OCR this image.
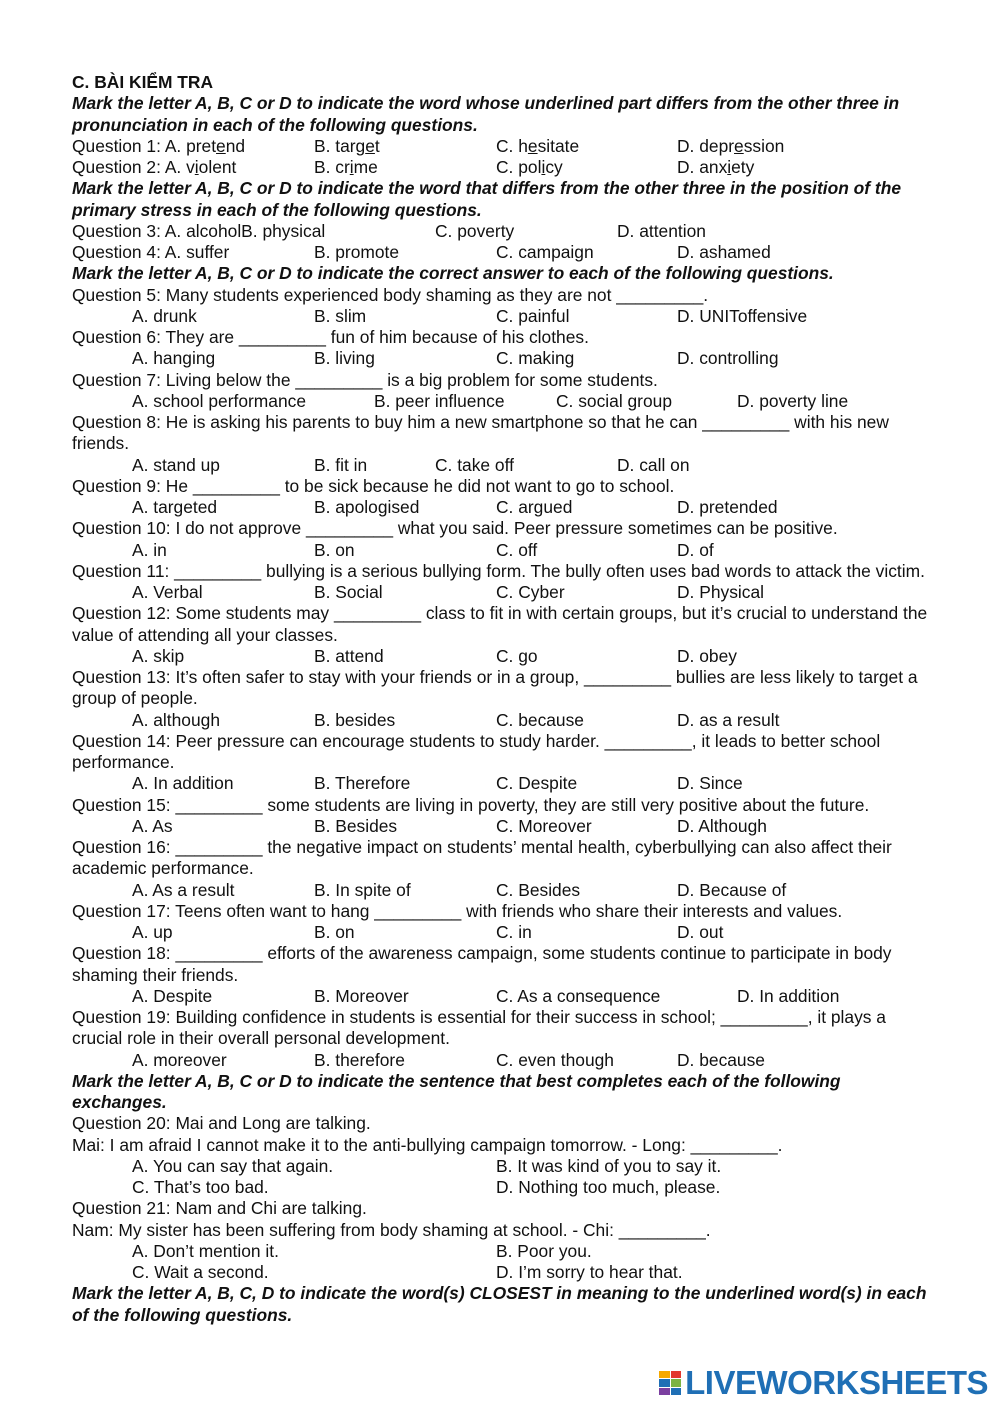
C. BÀI KIỂM TRA
Mark the letter A, B, C or D to indicate the word whose underlined part differs from the other three in pronunciation in each of the following questions.
Question 1: A. pretend	B. target	C. hesitate	D. depression
Question 2: A. violent	B. crime	C. policy	D. anxiety
Mark the letter A, B, C or D to indicate the word that differs from the other three in the position of the primary stress in each of the following questions.
Question 3: A. alcoholB. physical	C. poverty	D. attention
Question 4: A. suffer	B. promote	C. campaign	D. ashamed
Mark the letter A, B, C or D to indicate the correct answer to each of the following questions.
Question 5: Many students experienced body shaming as they are not _________.
A. drunk	B. slim	C. painful	D. UNIToffensive
Question 6: They are _________ fun of him because of his clothes.
A. hanging	B. living	C. making	D. controlling
Question 7: Living below the _________ is a big problem for some students.
A. school performance	B. peer influence	C. social group	D. poverty line
Question 8: He is asking his parents to buy him a new smartphone so that he can _________ with his new friends.
A. stand up	B. fit in	C. take off	D. call on
Question 9: He _________ to be sick because he did not want to go to school.
A. targeted	B. apologised	C. argued	D. pretended
Question 10: I do not approve _________ what you said. Peer pressure sometimes can be positive.
A. in	B. on	C. off	D. of
Question 11: _________ bullying is a serious bullying form. The bully often uses bad words to attack the victim.
A. Verbal	B. Social	C. Cyber	D. Physical
Question 12: Some students may _________ class to fit in with certain groups, but it’s crucial to understand the value of attending all your classes.
A. skip	B. attend	C. go	D. obey
Question 13: It’s often safer to stay with your friends or in a group, _________ bullies are less likely to target a group of people.
A. although	B. besides	C. because	D. as a result
Question 14: Peer pressure can encourage students to study harder. _________, it leads to better school performance.
A. In addition	B. Therefore	C. Despite	D. Since
Question 15: _________ some students are living in poverty, they are still very positive about the future.
A. As	B. Besides	C. Moreover	D. Although
Question 16: _________ the negative impact on students’ mental health, cyberbullying can also affect their academic performance.
A. As a result	B. In spite of	C. Besides	D. Because of
Question 17: Teens often want to hang _________ with friends who share their interests and values.
A. up	B. on	C. in	D. out
Question 18: _________ efforts of the awareness campaign, some students continue to participate in body shaming their friends.
A. Despite	B. Moreover	C. As a consequence	D. In addition
Question 19: Building confidence in students is essential for their success in school; _________, it plays a crucial role in their overall personal development.
A. moreover	B. therefore	C. even though	D. because
Mark the letter A, B, C or D to indicate the sentence that best completes each of the following exchanges.
Question 20: Mai and Long are talking.
Mai: I am afraid I cannot make it to the anti-bullying campaign tomorrow. - Long: _________.
A. You can say that again.	B. It was kind of you to say it.
C. That’s too bad.	D. Nothing too much, please.
Question 21: Nam and Chi are talking.
Nam: My sister has been suffering from body shaming at school. - Chi: _________.
A. Don’t mention it.	B. Poor you.
C. Wait a second.	D. I’m sorry to hear that.
Mark the letter A, B, C, D to indicate the word(s) CLOSEST in meaning to the underlined word(s) in each of the following questions.
LIVEWORKSHEETS
